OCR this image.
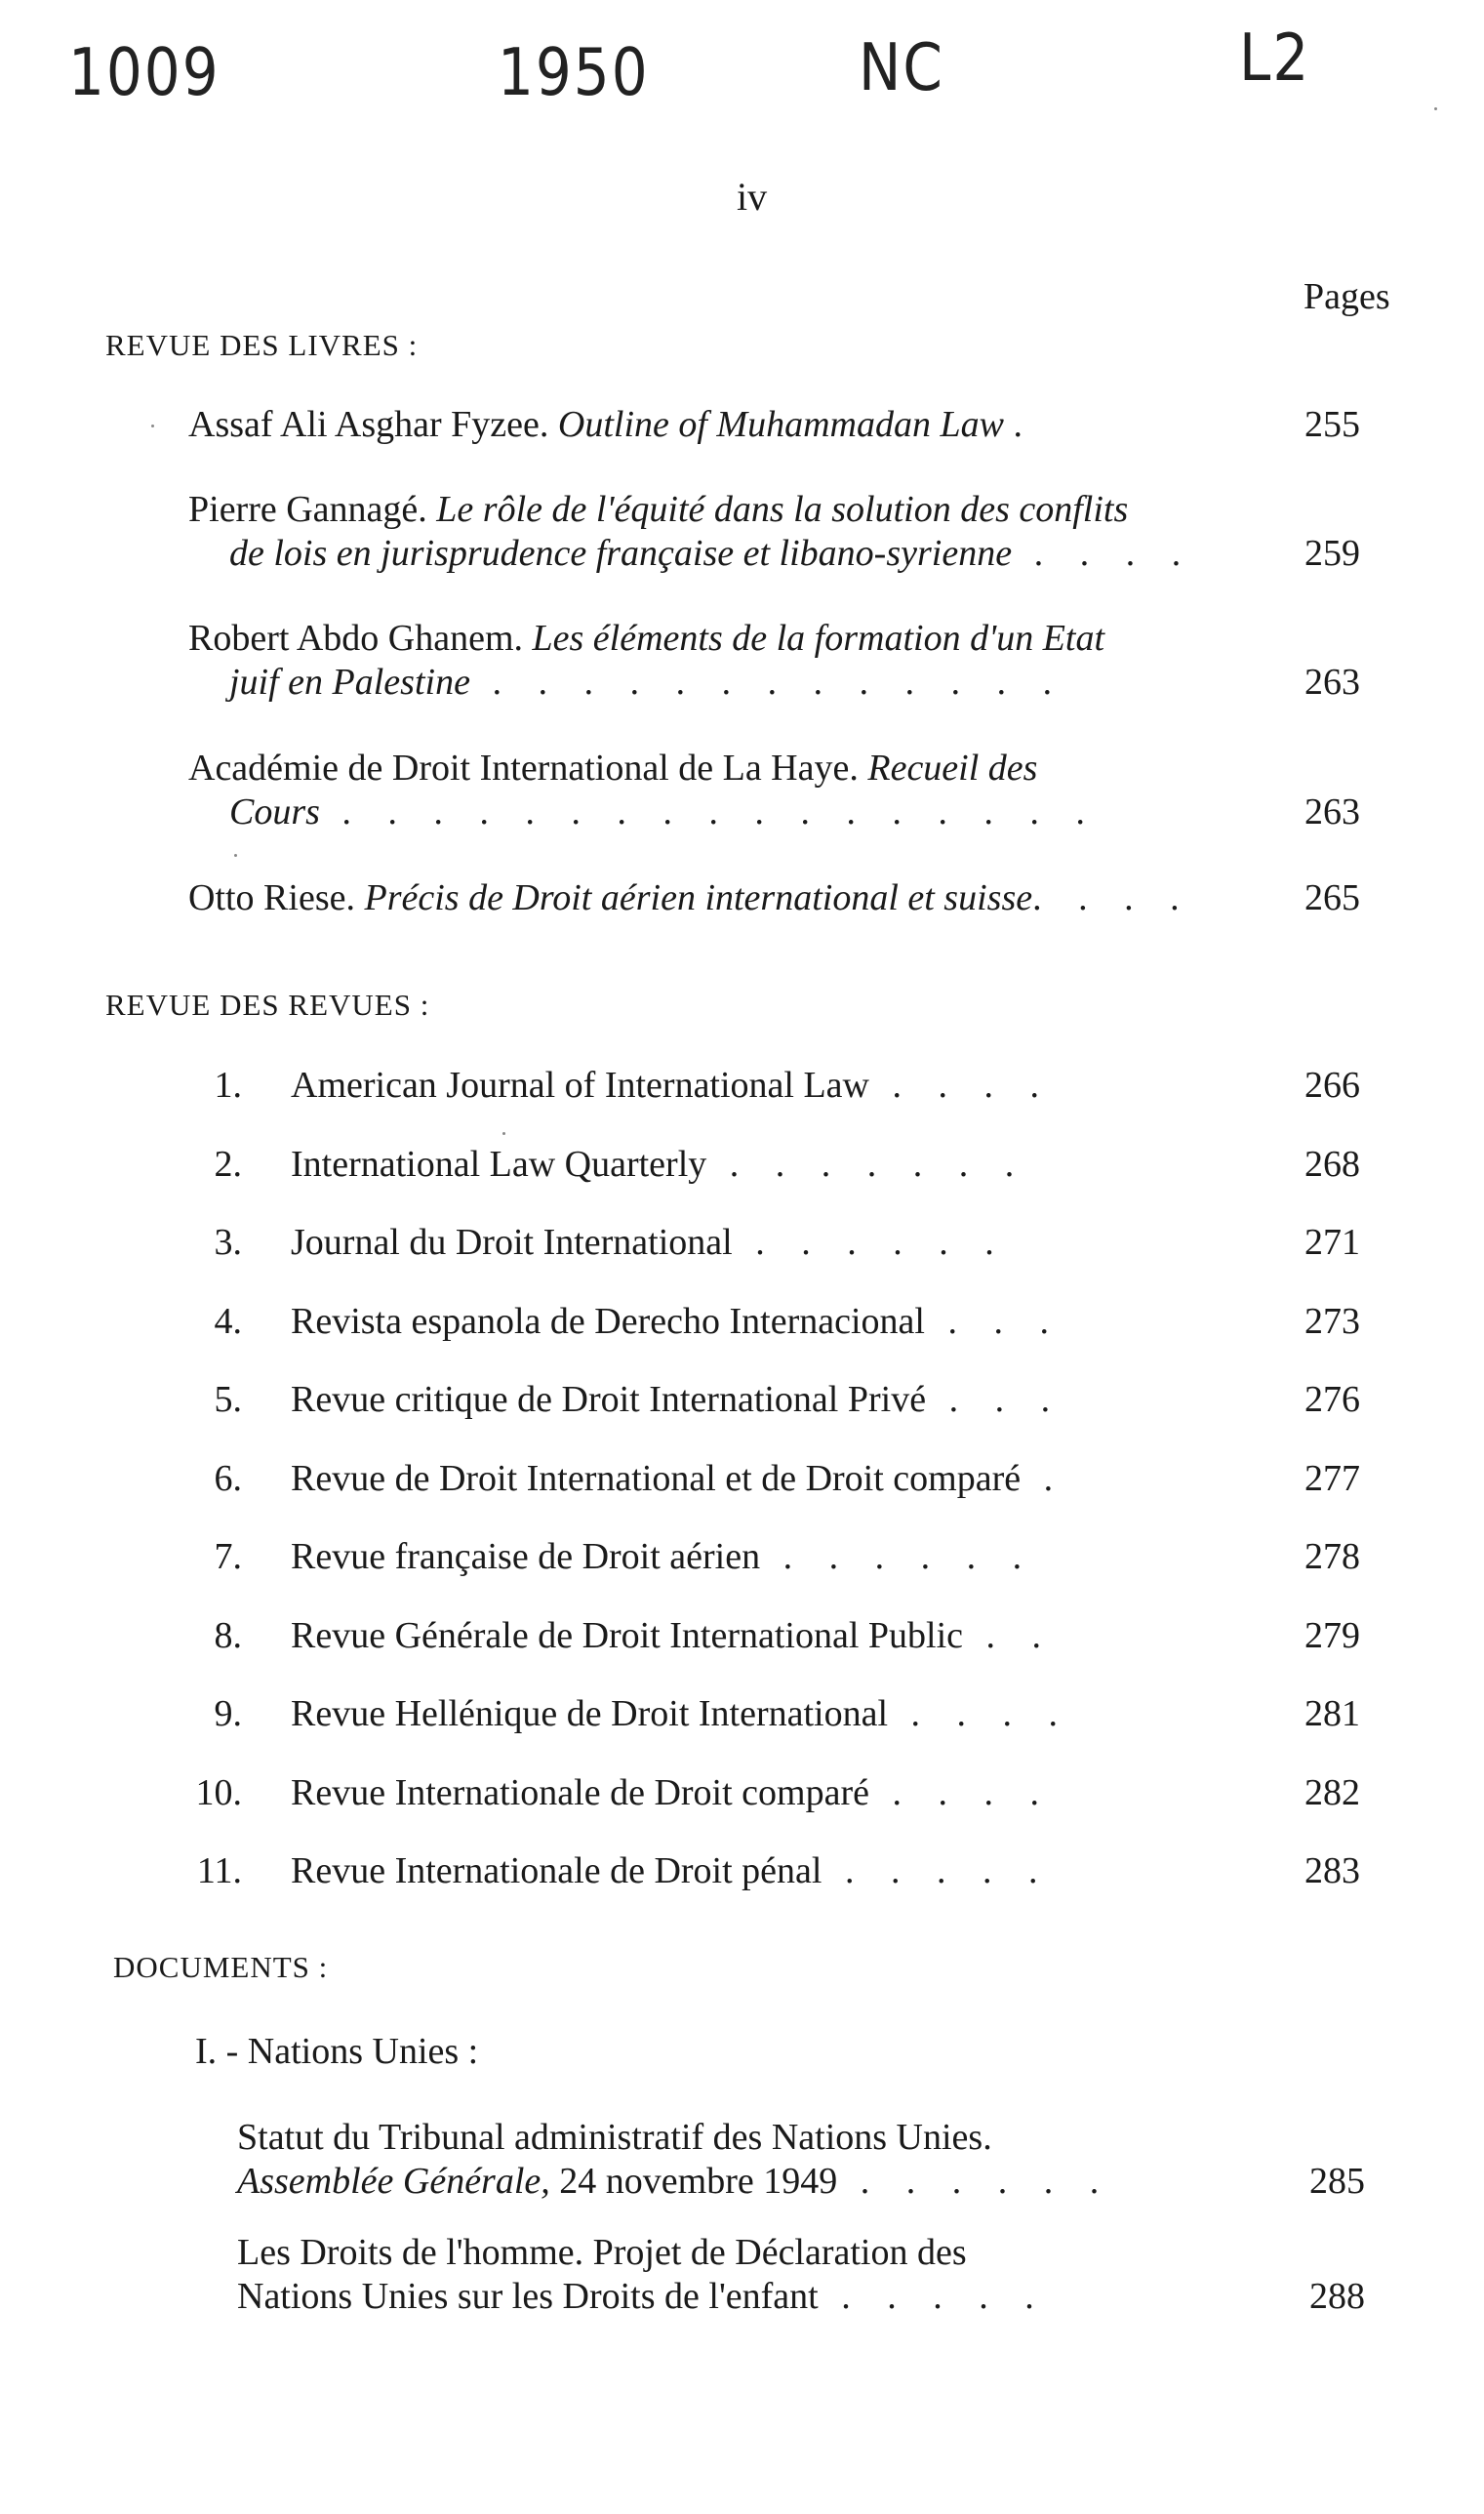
1009	1950	NC	L2
iv
Pages
REVUE DES LIVRES :
Assaf Ali Asghar Fyzee. Outline of Muhammadan Law .	255
Pierre Gannagé. Le rôle de l'équité dans la solution des conflits
de lois en jurisprudence française et libano-syrienne . . . .	259
Robert Abdo Ghanem. Les éléments de la formation d'un Etat
juif en Palestine . . . . . . . . . . . . .	263
Académie de Droit International de La Haye. Recueil des
Cours . . . . . . . . . . . . . . . . .	263
Otto Riese. Précis de Droit aérien international et suisse. . . .	265
REVUE DES REVUES :
1. American Journal of International Law . . . .	266
2. International Law Quarterly . . . . . . .	268
3. Journal du Droit International . . . . . .	271
4. Revista espanola de Derecho Internacional . . .	273
5. Revue critique de Droit International Privé . . .	276
6. Revue de Droit International et de Droit comparé .	277
7. Revue française de Droit aérien . . . . . .	278
8. Revue Générale de Droit International Public . .	279
9. Revue Hellénique de Droit International . . . .	281
10. Revue Internationale de Droit comparé . . . .	282
11. Revue Internationale de Droit pénal . . . . .	283
DOCUMENTS :
I. - Nations Unies :
Statut du Tribunal administratif des Nations Unies.
Assemblée Générale, 24 novembre 1949 . . . . . .	285
Les Droits de l'homme. Projet de Déclaration des
Nations Unies sur les Droits de l'enfant . . . . .	288
